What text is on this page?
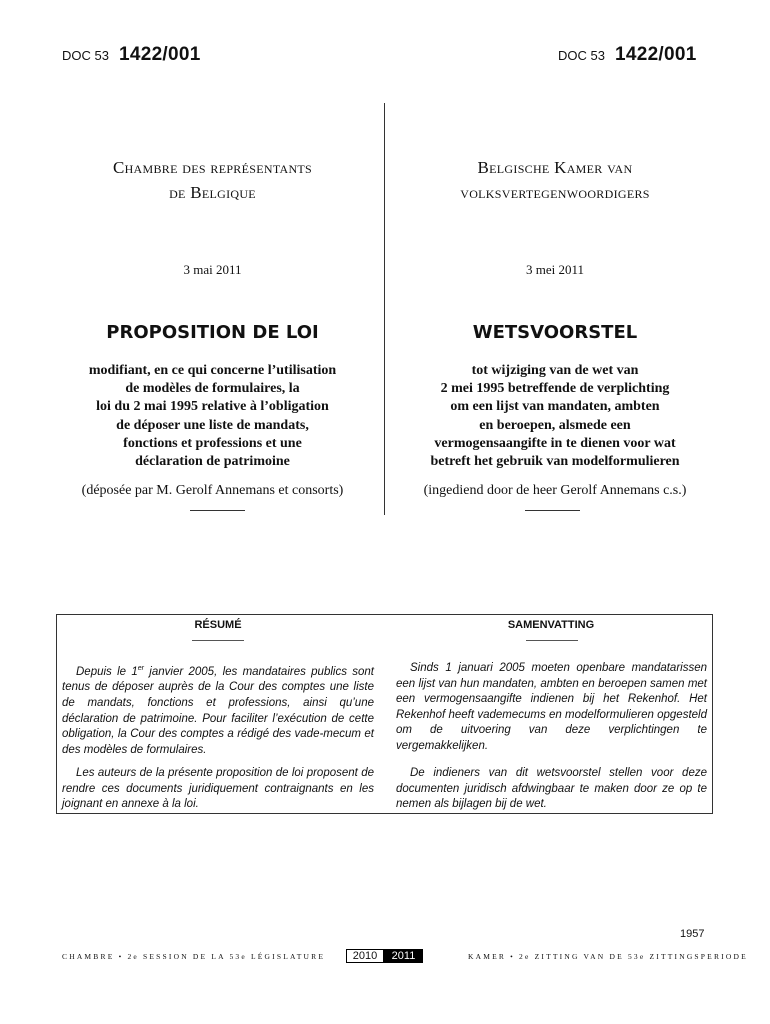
DOC 53 1422/001	DOC 53 1422/001
Chambre des représentants
de Belgique
3 mai 2011
PROPOSITION DE LOI
modifiant, en ce qui concerne l’utilisation
de modèles de formulaires, la
loi du 2 mai 1995 relative à l’obligation
de déposer une liste de mandats,
fonctions et professions et une
déclaration de patrimoine
(déposée par M. Gerolf Annemans et consorts)
Belgische Kamer van
volksvertegenwoordigers
3 mei 2011
WETSVOORSTEL
tot wijziging van de wet van
2 mei 1995 betreffende de verplichting
om een lijst van mandaten, ambten
en beroepen, alsmede een
vermogensaangifte in te dienen voor wat
betreft het gebruik van modelformulieren
(ingediend door de heer Gerolf Annemans c.s.)
RÉSUMÉ	SAMENVATTING
Depuis le 1er janvier 2005, les mandataires publics sont tenus de déposer auprès de la Cour des comptes une liste de mandats, fonctions et professions, ainsi qu’une déclaration de patrimoine. Pour faciliter l’exécution de cette obligation, la Cour des comptes a rédigé des vade-mecum et des modèles de formulaires.
Les auteurs de la présente proposition de loi proposent de rendre ces documents juridiquement contraignants en les joignant en annexe à la loi.
Sinds 1 januari 2005 moeten openbare mandatarissen een lijst van hun mandaten, ambten en beroepen samen met een vermogensaangifte indienen bij het Rekenhof. Het Rekenhof heeft vademecums en modelformulieren opgesteld om de uitvoering van deze verplichtingen te vergemakkelijken.
De indieners van dit wetsvoorstel stellen voor deze documenten juridisch afdwingbaar te maken door ze op te nemen als bijlagen bij de wet.
1957
CHAMBRE • 2e SESSION DE LA 53e LÉGISLATURE	2010	2011	KAMER • 2e ZITTING VAN DE 53e ZITTINGSPERIODE
